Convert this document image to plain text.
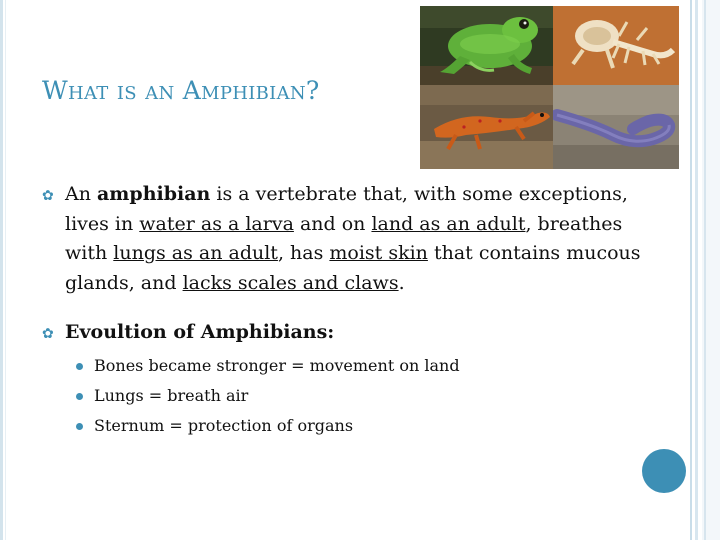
What is an Amphibian?
✿ An amphibian is a vertebrate that, with some exceptions, lives in water as a larva and on land as an adult, breathes with lungs as an adult, has moist skin that contains mucous glands, and lacks scales and claws.
✿ Evoultion of Amphibians:
Bones became stronger = movement on land
Lungs = breath air
Sternum = protection of organs
